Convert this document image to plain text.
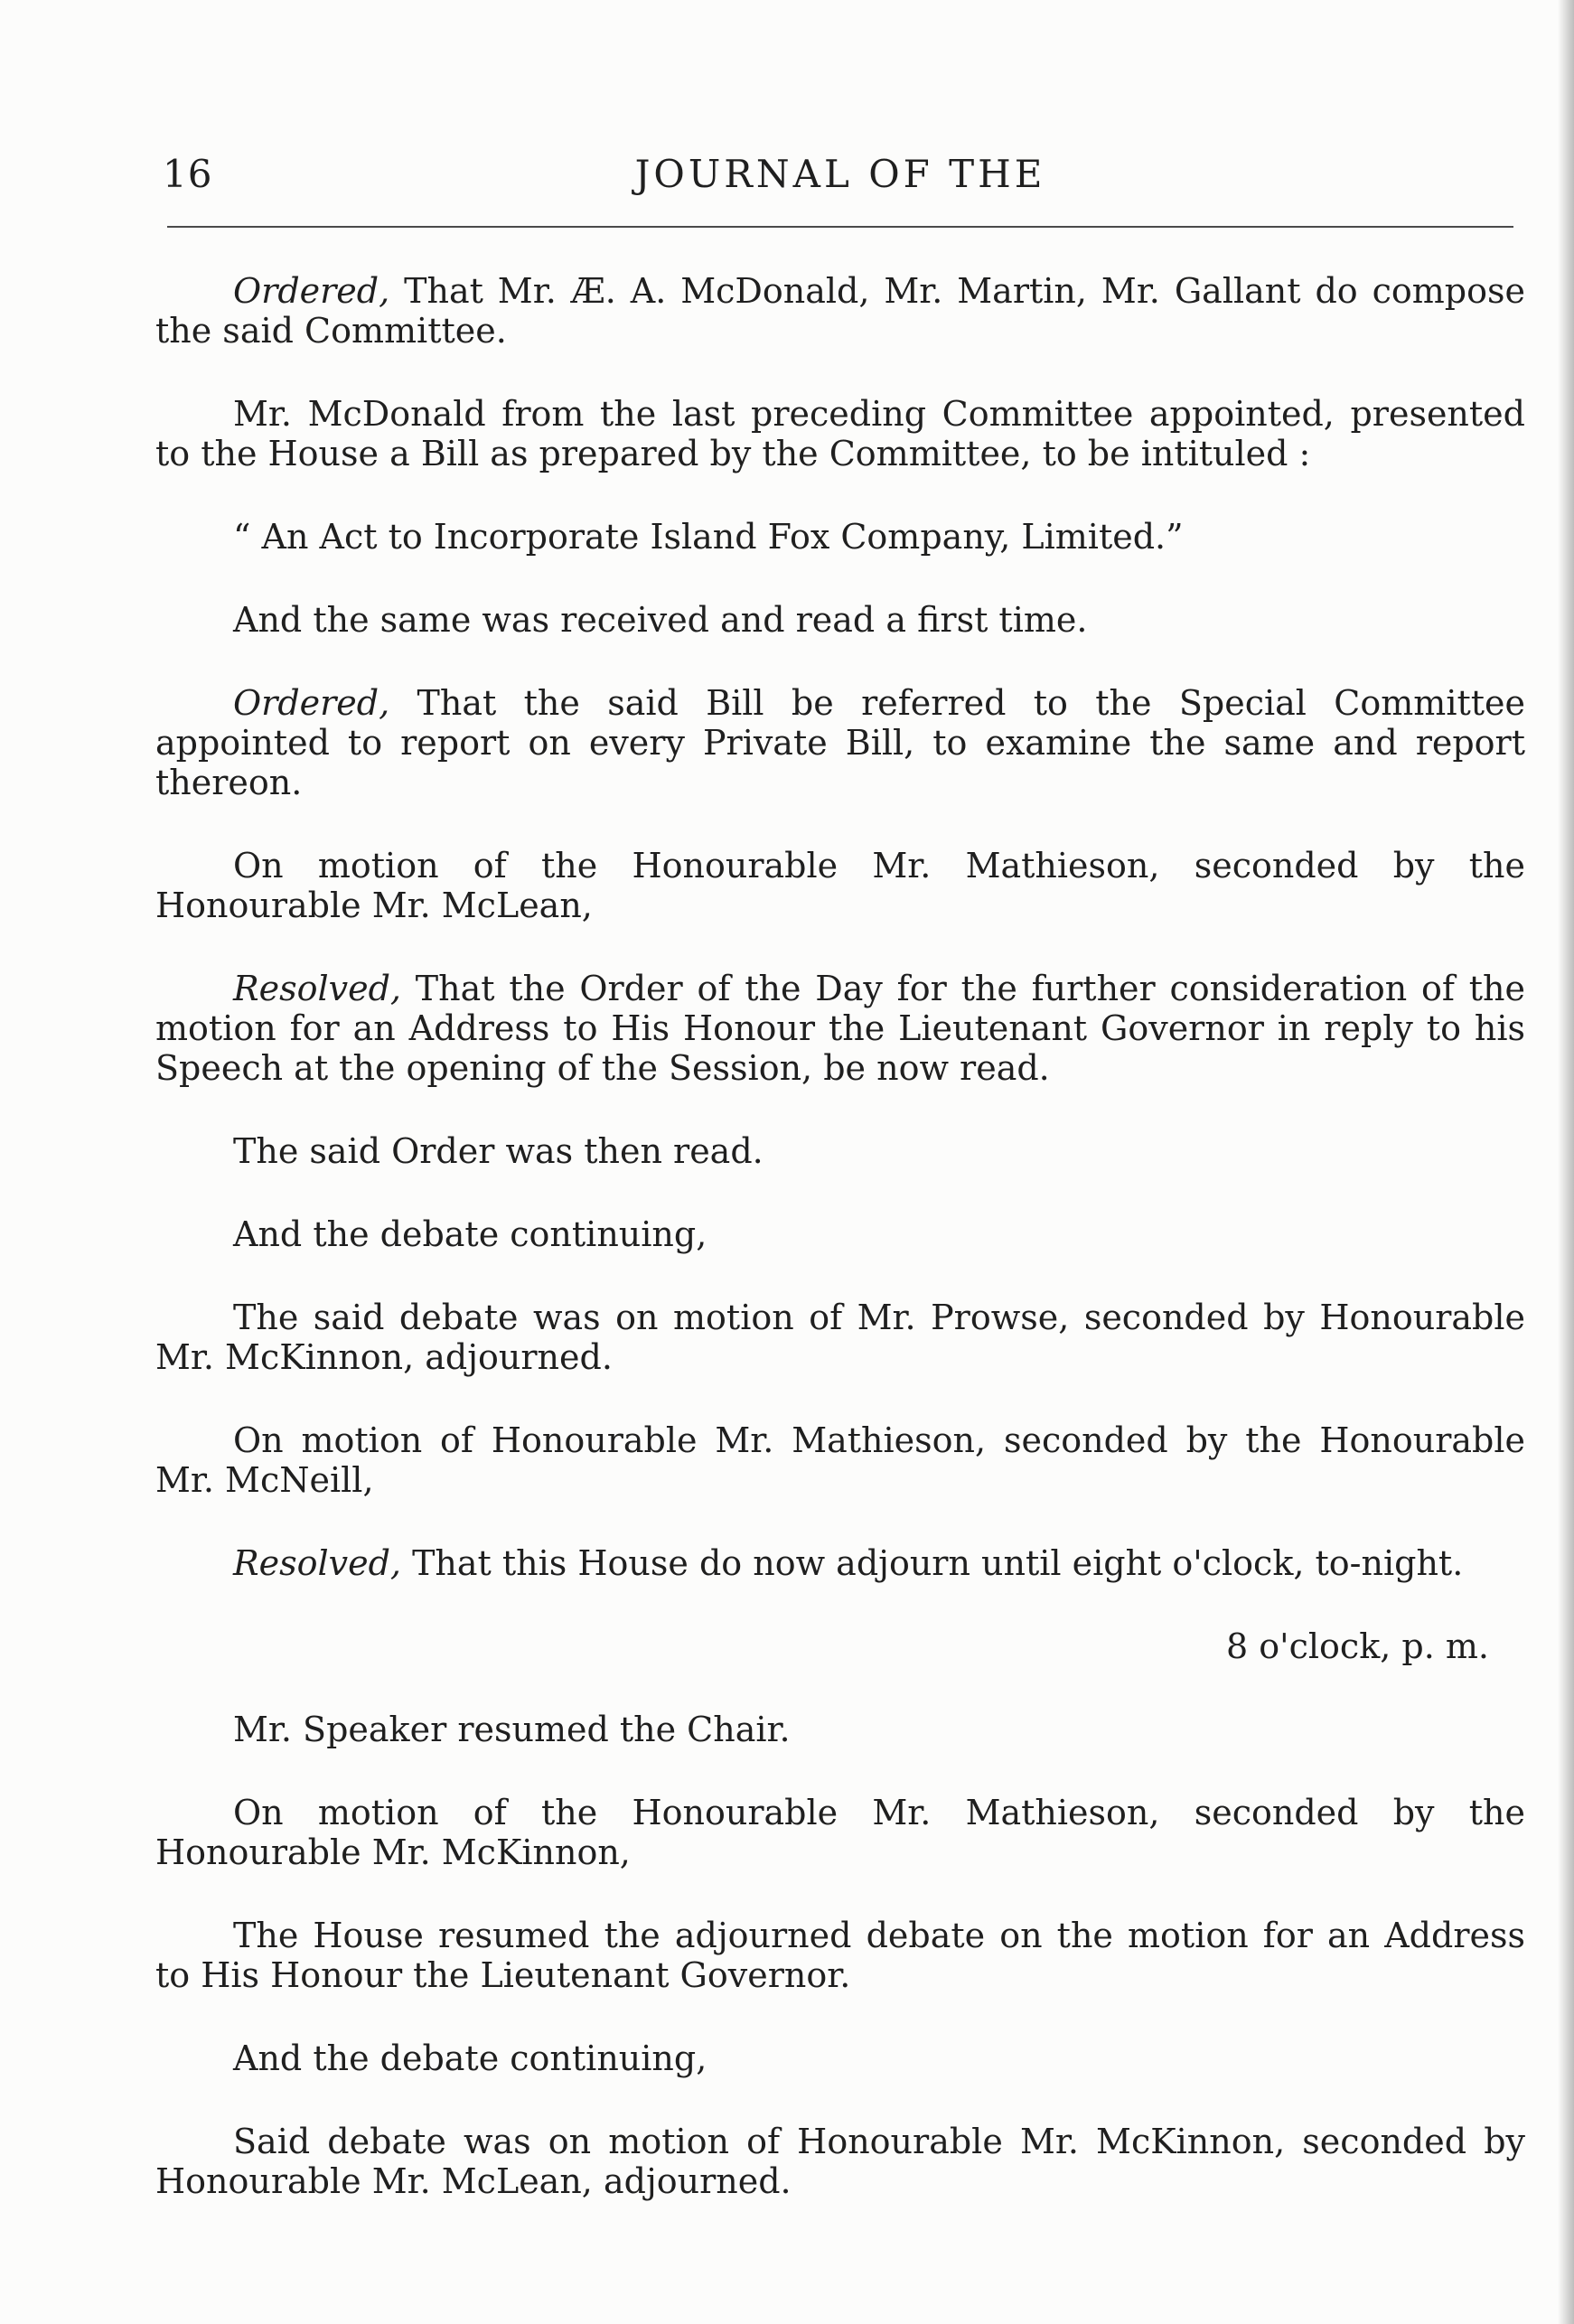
16	JOURNAL OF THE

Ordered, That Mr. Æ. A. McDonald, Mr. Martin, Mr. Gallant do compose the said Committee.

Mr. McDonald from the last preceding Committee appointed, presented to the House a Bill as prepared by the Committee, to be intituled :

“ An Act to Incorporate Island Fox Company, Limited.”

And the same was received and read a first time.

Ordered, That the said Bill be referred to the Special Committee appointed to report on every Private Bill, to examine the same and report thereon.

On motion of the Honourable Mr. Mathieson, seconded by the Honourable Mr. McLean,

Resolved, That the Order of the Day for the further consideration of the motion for an Address to His Honour the Lieutenant Governor in reply to his Speech at the opening of the Session, be now read.

The said Order was then read.

And the debate continuing,

The said debate was on motion of Mr. Prowse, seconded by Honourable Mr. McKinnon, adjourned.

On motion of Honourable Mr. Mathieson, seconded by the Honourable Mr. McNeill,

Resolved, That this House do now adjourn until eight o'clock, to-night.

8 o'clock, p. m.

Mr. Speaker resumed the Chair.

On motion of the Honourable Mr. Mathieson, seconded by the Honourable Mr. McKinnon,

The House resumed the adjourned debate on the motion for an Address to His Honour the Lieutenant Governor.

And the debate continuing,

Said debate was on motion of Honourable Mr. McKinnon, seconded by Honourable Mr. McLean, adjourned.
